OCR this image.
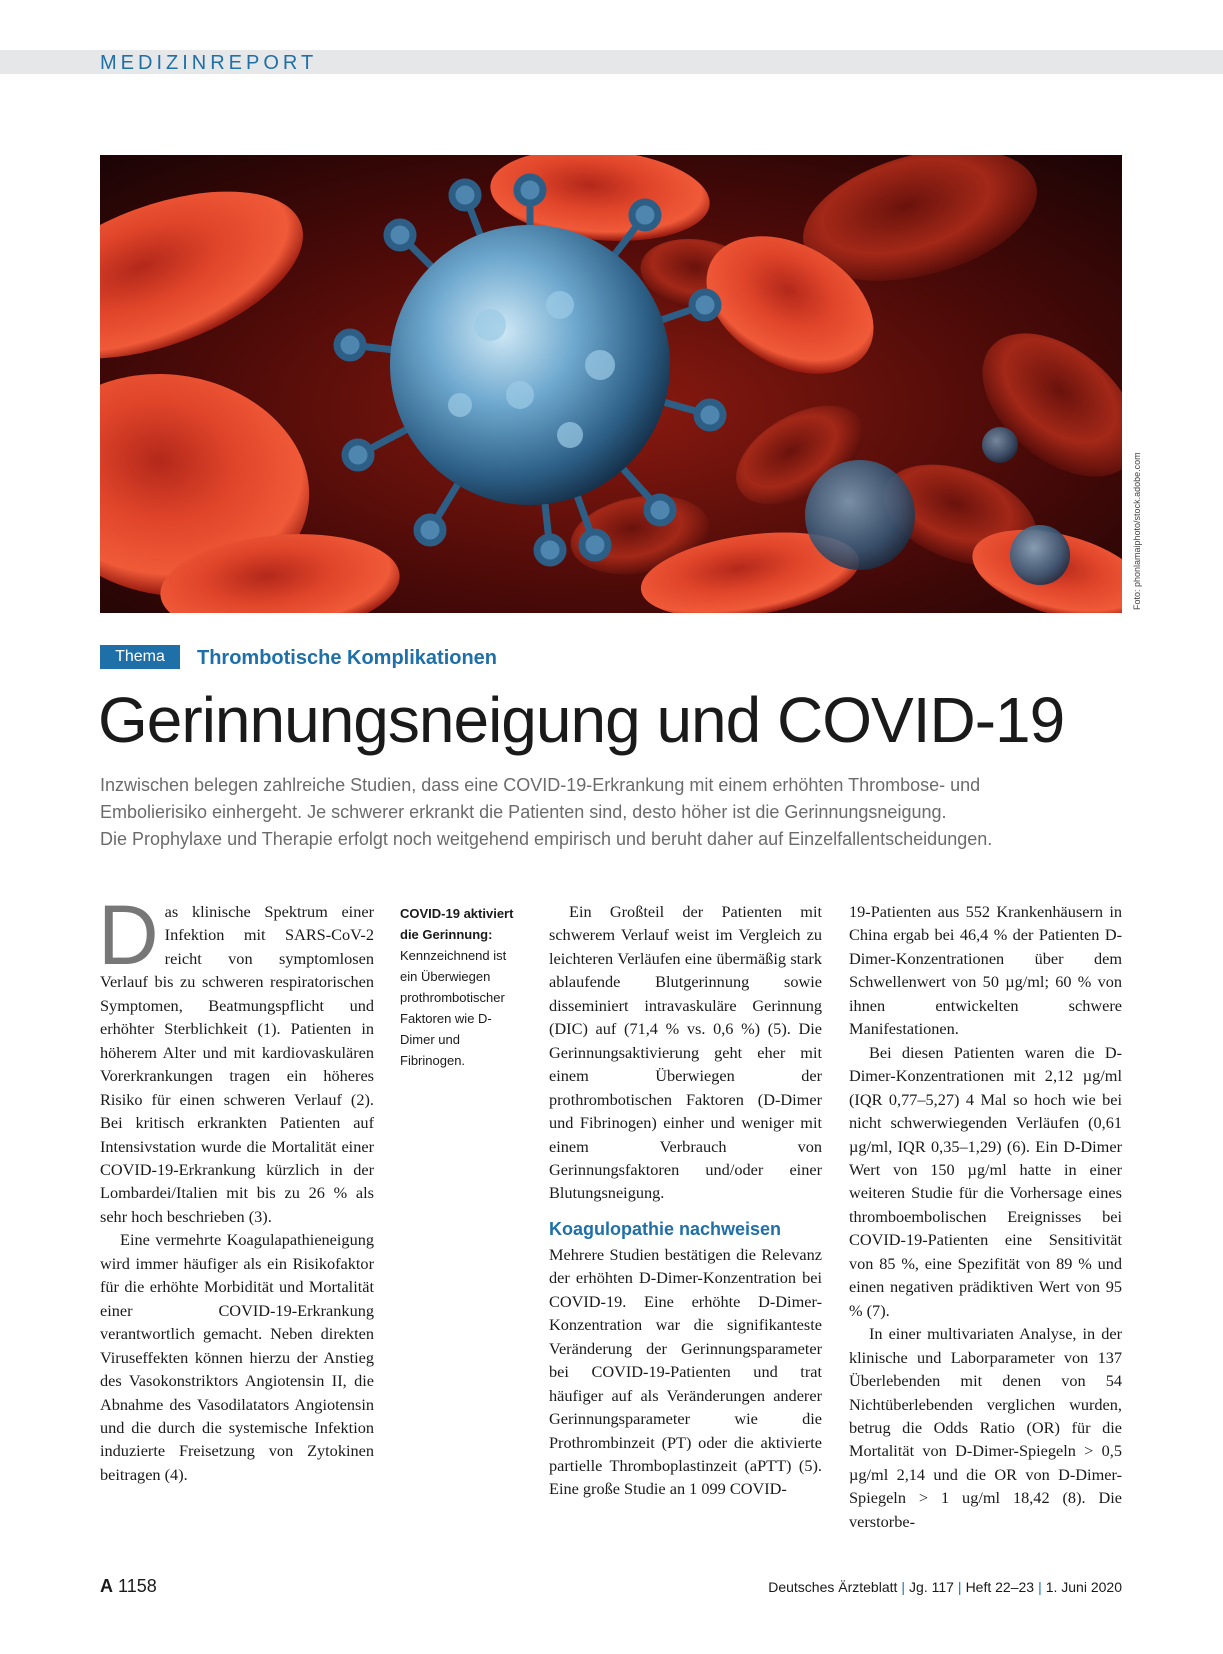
MEDIZINREPORT
Foto: phonlamaiphoto/stock.adobe.com
Thema	Thrombotische Komplikationen
Gerinnungsneigung und COVID-19
Inzwischen belegen zahlreiche Studien, dass eine COVID-19-Erkrankung mit einem erhöhten Thrombose- und
Embolierisiko einhergeht. Je schwerer erkrankt die Patienten sind, desto höher ist die Gerinnungsneigung.
Die Prophylaxe und Therapie erfolgt noch weitgehend empirisch und beruht daher auf Einzelfallentscheidungen.

Das klinische Spektrum einer Infektion mit SARS-CoV-2 reicht von symptomlosen Verlauf bis zu schweren respiratorischen Symptomen, Beatmungspflicht und erhöhter Sterblichkeit (1). Patienten in höherem Alter und mit kardiovaskulären Vorerkrankungen tragen ein höheres Risiko für einen schweren Verlauf (2). Bei kritisch erkrankten Patienten auf Intensivstation wurde die Mortalität einer COVID-19-Erkrankung kürzlich in der Lombardei/Italien mit bis zu 26 % als sehr hoch beschrieben (3).

Eine vermehrte Koagulapathieneigung wird immer häufiger als ein Risikofaktor für die erhöhte Morbidität und Mortalität einer COVID-19-Erkrankung verantwortlich gemacht. Neben direkten Viruseffekten können hierzu der Anstieg des Vasokonstriktors Angiotensin II, die Abnahme des Vasodilatators Angiotensin und die durch die systemische Infektion induzierte Freisetzung von Zytokinen beitragen (4).

COVID-19 aktiviert
die Gerinnung:
Kennzeichnend ist ein Überwiegen prothrombotischer Faktoren wie D-Dimer und Fibrinogen.

Ein Großteil der Patienten mit schwerem Verlauf weist im Vergleich zu leichteren Verläufen eine übermäßig stark ablaufende Blutgerinnung sowie disseminiert intravaskuläre Gerinnung (DIC) auf (71,4 % vs. 0,6 %) (5). Die Gerinnungsaktivierung geht eher mit einem Überwiegen der prothrombotischen Faktoren (D-Dimer und Fibrinogen) einher und weniger mit einem Verbrauch von Gerinnungsfaktoren und/oder einer Blutungsneigung.

Koagulopathie nachweisen

Mehrere Studien bestätigen die Relevanz der erhöhten D-Dimer-Konzentration bei COVID-19. Eine erhöhte D-Dimer-Konzentration war die signifikanteste Veränderung der Gerinnungsparameter bei COVID-19-Patienten und trat häufiger auf als Veränderungen anderer Gerinnungsparameter wie die Prothrombinzeit (PT) oder die aktivierte partielle Thromboplastinzeit (aPTT) (5). Eine große Studie an 1 099 COVID-

19-Patienten aus 552 Krankenhäusern in China ergab bei 46,4 % der Patienten D-Dimer-Konzentrationen über dem Schwellenwert von 50 µg/ml; 60 % von ihnen entwickelten schwere Manifestationen.

Bei diesen Patienten waren die D-Dimer-Konzentrationen mit 2,12 µg/ml (IQR 0,77–5,27) 4 Mal so hoch wie bei nicht schwerwiegenden Verläufen (0,61 µg/ml, IQR 0,35–1,29) (6). Ein D-Dimer Wert von 150 µg/ml hatte in einer weiteren Studie für die Vorhersage eines thromboembolischen Ereignisses bei COVID-19-Patienten eine Sensitivität von 85 %, eine Spezifität von 89 % und einen negativen prädiktiven Wert von 95 % (7).

In einer multivariaten Analyse, in der klinische und Laborparameter von 137 Überlebenden mit denen von 54 Nichtüberlebenden verglichen wurden, betrug die Odds Ratio (OR) für die Mortalität von D-Dimer-Spiegeln > 0,5 µg/ml 2,14 und die OR von D-Dimer-Spiegeln > 1 ug/ml 18,42 (8). Die verstorbe-

A 1158	Deutsches Ärzteblatt | Jg. 117 | Heft 22–23 | 1. Juni 2020
